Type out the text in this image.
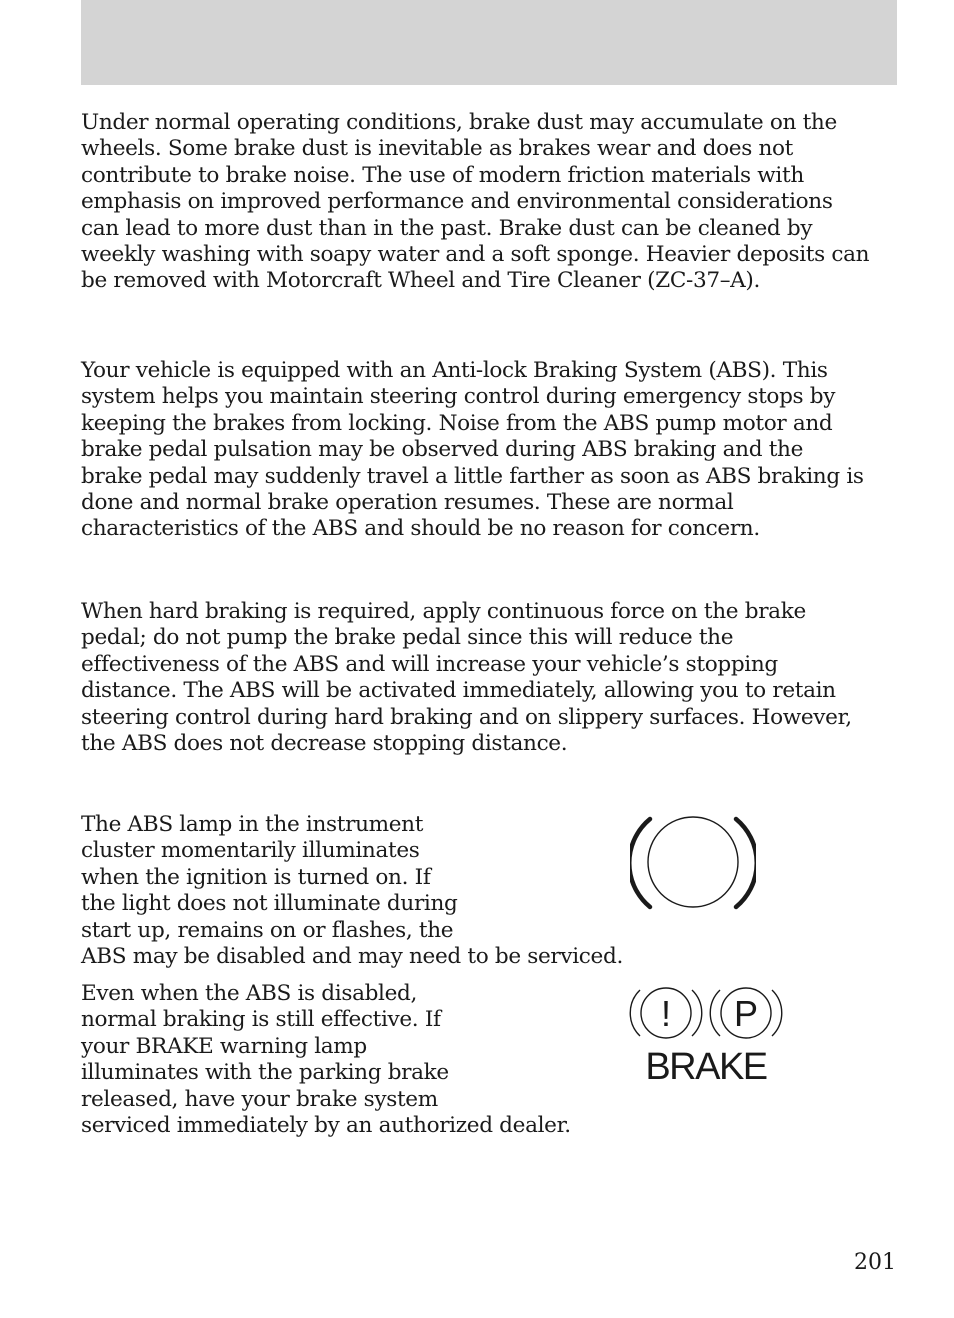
Under normal operating conditions, brake dust may accumulate on the
wheels. Some brake dust is inevitable as brakes wear and does not
contribute to brake noise. The use of modern friction materials with
emphasis on improved performance and environmental considerations
can lead to more dust than in the past. Brake dust can be cleaned by
weekly washing with soapy water and a soft sponge. Heavier deposits can
be removed with Motorcraft Wheel and Tire Cleaner (ZC-37–A).

Your vehicle is equipped with an Anti-lock Braking System (ABS). This
system helps you maintain steering control during emergency stops by
keeping the brakes from locking. Noise from the ABS pump motor and
brake pedal pulsation may be observed during ABS braking and the
brake pedal may suddenly travel a little farther as soon as ABS braking is
done and normal brake operation resumes. These are normal
characteristics of the ABS and should be no reason for concern.

When hard braking is required, apply continuous force on the brake
pedal; do not pump the brake pedal since this will reduce the
effectiveness of the ABS and will increase your vehicle’s stopping
distance. The ABS will be activated immediately, allowing you to retain
steering control during hard braking and on slippery surfaces. However,
the ABS does not decrease stopping distance.

The ABS lamp in the instrument
cluster momentarily illuminates
when the ignition is turned on. If
the light does not illuminate during
start up, remains on or flashes, the
ABS may be disabled and may need to be serviced.

Even when the ABS is disabled,
normal braking is still effective. If
your BRAKE warning lamp
illuminates with the parking brake
released, have your brake system
serviced immediately by an authorized dealer.

! P
BRAKE
201
